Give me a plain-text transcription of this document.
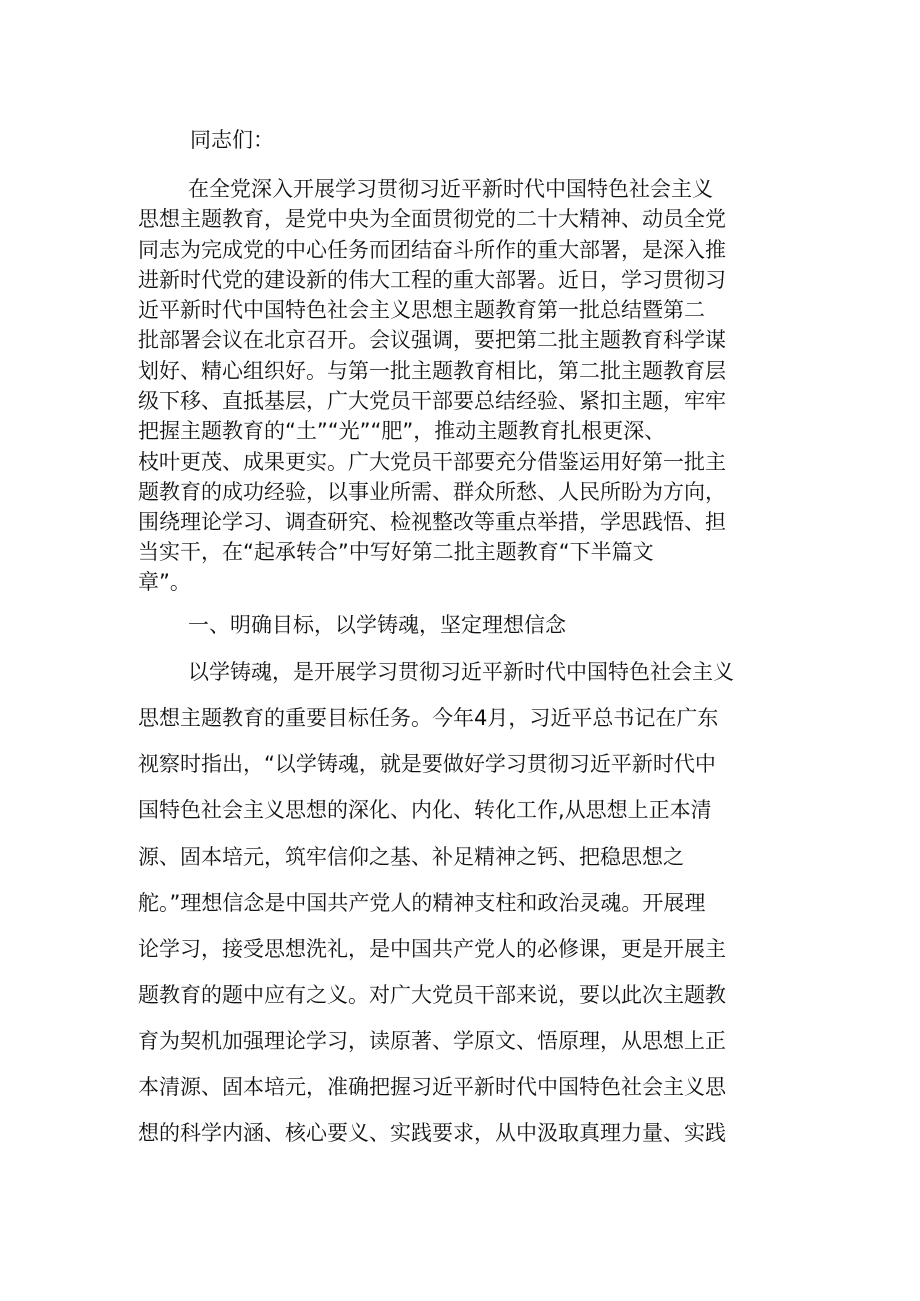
同志们：
在全党深入开展学习贯彻习近平新时代中国特色社会主义
思想主题教育，是党中央为全面贯彻党的二十大精神、动员全党
同志为完成党的中心任务而团结奋斗所作的重大部署，是深入推
进新时代党的建设新的伟大工程的重大部署。近日，学习贯彻习
近平新时代中国特色社会主义思想主题教育第一批总结暨第二
批部署会议在北京召开。会议强调，要把第二批主题教育科学谋
划好、精心组织好。与第一批主题教育相比，第二批主题教育层
级下移、直抵基层，广大党员干部要总结经验、紧扣主题，牢牢
把握主题教育的“土”“光”“肥”，推动主题教育扎根更深、
枝叶更茂、成果更实。广大党员干部要充分借鉴运用好第一批主
题教育的成功经验，以事业所需、群众所愁、人民所盼为方向，
围绕理论学习、调查研究、检视整改等重点举措，学思践悟、担
当实干，在“起承转合”中写好第二批主题教育“下半篇文
章”。
一、明确目标，以学铸魂，坚定理想信念
以学铸魂，是开展学习贯彻习近平新时代中国特色社会主义
思想主题教育的重要目标任务。今年4月，习近平总书记在广东
视察时指出，“以学铸魂，就是要做好学习贯彻习近平新时代中
国特色社会主义思想的深化、内化、转化工作,从思想上正本清
源、固本培元，筑牢信仰之基、补足精神之钙、把稳思想之
舵。”理想信念是中国共产党人的精神支柱和政治灵魂。开展理
论学习，接受思想洗礼，是中国共产党人的必修课，更是开展主
题教育的题中应有之义。对广大党员干部来说，要以此次主题教
育为契机加强理论学习，读原著、学原文、悟原理，从思想上正
本清源、固本培元，准确把握习近平新时代中国特色社会主义思
想的科学内涵、核心要义、实践要求，从中汲取真理力量、实践
